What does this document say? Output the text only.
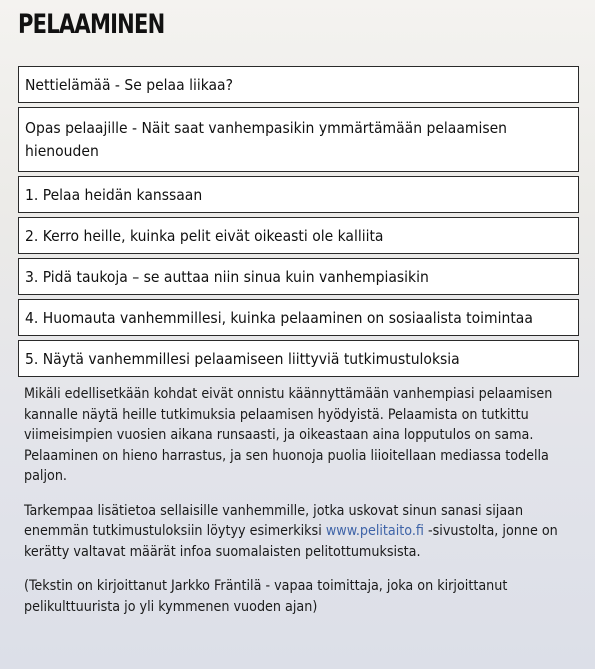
PELAAMINEN
Nettielämää - Se pelaa liikaa?
Opas pelaajille - Näit saat vanhempasikin ymmärtämään pelaamisen hienouden
1. Pelaa heidän kanssaan
2. Kerro heille, kuinka pelit eivät oikeasti ole kalliita
3. Pidä taukoja – se auttaa niin sinua kuin vanhempiasikin
4. Huomauta vanhemmillesi, kuinka pelaaminen on sosiaalista toimintaa
5. Näytä vanhemmillesi pelaamiseen liittyviä tutkimustuloksia

Mikäli edellisetkään kohdat eivät onnistu käännyttämään vanhempiasi pelaamisen kannalle näytä heille tutkimuksia pelaamisen hyödyistä. Pelaamista on tutkittu viimeisimpien vuosien aikana runsaasti, ja oikeastaan aina lopputulos on sama. Pelaaminen on hieno harrastus, ja sen huonoja puolia liioitellaan mediassa todella paljon.

Tarkempaa lisätietoa sellaisille vanhemmille, jotka uskovat sinun sanasi sijaan enemmän tutkimustuloksiin löytyy esimerkiksi www.pelitaito.fi -sivustolta, jonne on kerätty valtavat määrät infoa suomalaisten pelitottumuksista.

(Tekstin on kirjoittanut Jarkko Fräntilä - vapaa toimittaja, joka on kirjoittanut pelikulttuurista jo yli kymmenen vuoden ajan)
